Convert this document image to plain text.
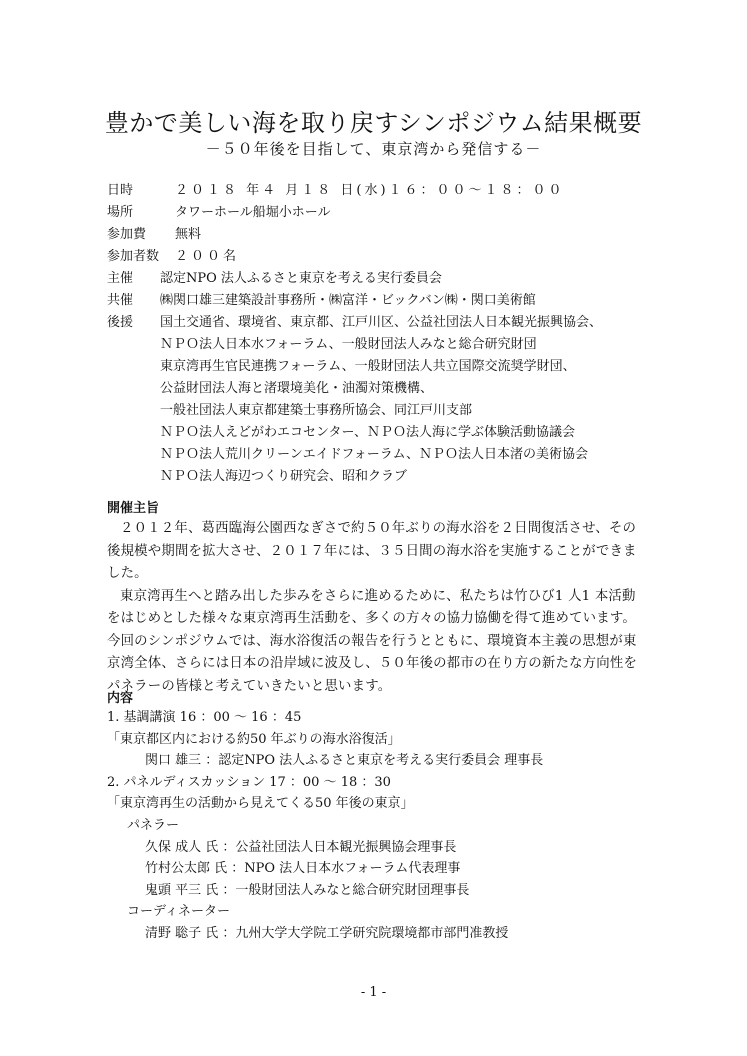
豊かで美しい海を取り戻すシンポジウム結果概要
－５０年後を目指して、東京湾から発信する－
日時	２０１８ 年４ 月１８ 日(水)１６：００～１８：００
場所	タワーホール船堀小ホール
参加費	無料
参加者数	２００名
主催	認定NPO 法人ふるさと東京を考える実行委員会
共催	㈱関口雄三建築設計事務所・㈱富洋・ビックバン㈱・関口美術館
後援	国土交通省、環境省、東京都、江戸川区、公益社団法人日本観光振興協会、
ＮＰＯ法人日本水フォーラム、一般財団法人みなと総合研究財団
東京湾再生官民連携フォーラム、一般財団法人共立国際交流奨学財団、
公益財団法人海と渚環境美化・油濁対策機構、
一般社団法人東京都建築士事務所協会、同江戸川支部
ＮＰＯ法人えどがわエコセンター、ＮＰＯ法人海に学ぶ体験活動協議会
ＮＰＯ法人荒川クリーンエイドフォーラム、ＮＰＯ法人日本渚の美術協会
ＮＰＯ法人海辺つくり研究会、昭和クラブ
開催主旨

２０１２年、葛西臨海公園西なぎさで約５０年ぶりの海水浴を２日間復活させ、その後規模や期間を拡大させ、２０１７年には、３５日間の海水浴を実施することができました。

東京湾再生へと踏み出した歩みをさらに進めるために、私たちは竹ひび1 人1 本活動をはじめとした様々な東京湾再生活動を、多くの方々の協力協働を得て進めています。今回のシンポジウムでは、海水浴復活の報告を行うとともに、環境資本主義の思想が東京湾全体、さらには日本の沿岸域に波及し、５０年後の都市の在り方の新たな方向性をパネラーの皆様と考えていきたいと思います。

内容
1. 基調講演 16 ：00 ～ 16 ：45
「東京都区内における約50 年ぶりの海水浴復活」
関口 雄三 ：認定NPO 法人ふるさと東京を考える実行委員会 理事長
2. パネルディスカッション 17 ：00 ～ 18 ：30
「東京湾再生の活動から見えてくる50 年後の東京」
パネラー
久保 成人 氏 ：公益社団法人日本観光振興協会理事長
竹村公太郎 氏 ：NPO 法人日本水フォーラム代表理事
鬼頭 平三 氏 ：一般財団法人みなと総合研究財団理事長
コーディネーター
清野 聡子 氏 ：九州大学大学院工学研究院環境都市部門准教授
- 1 -
